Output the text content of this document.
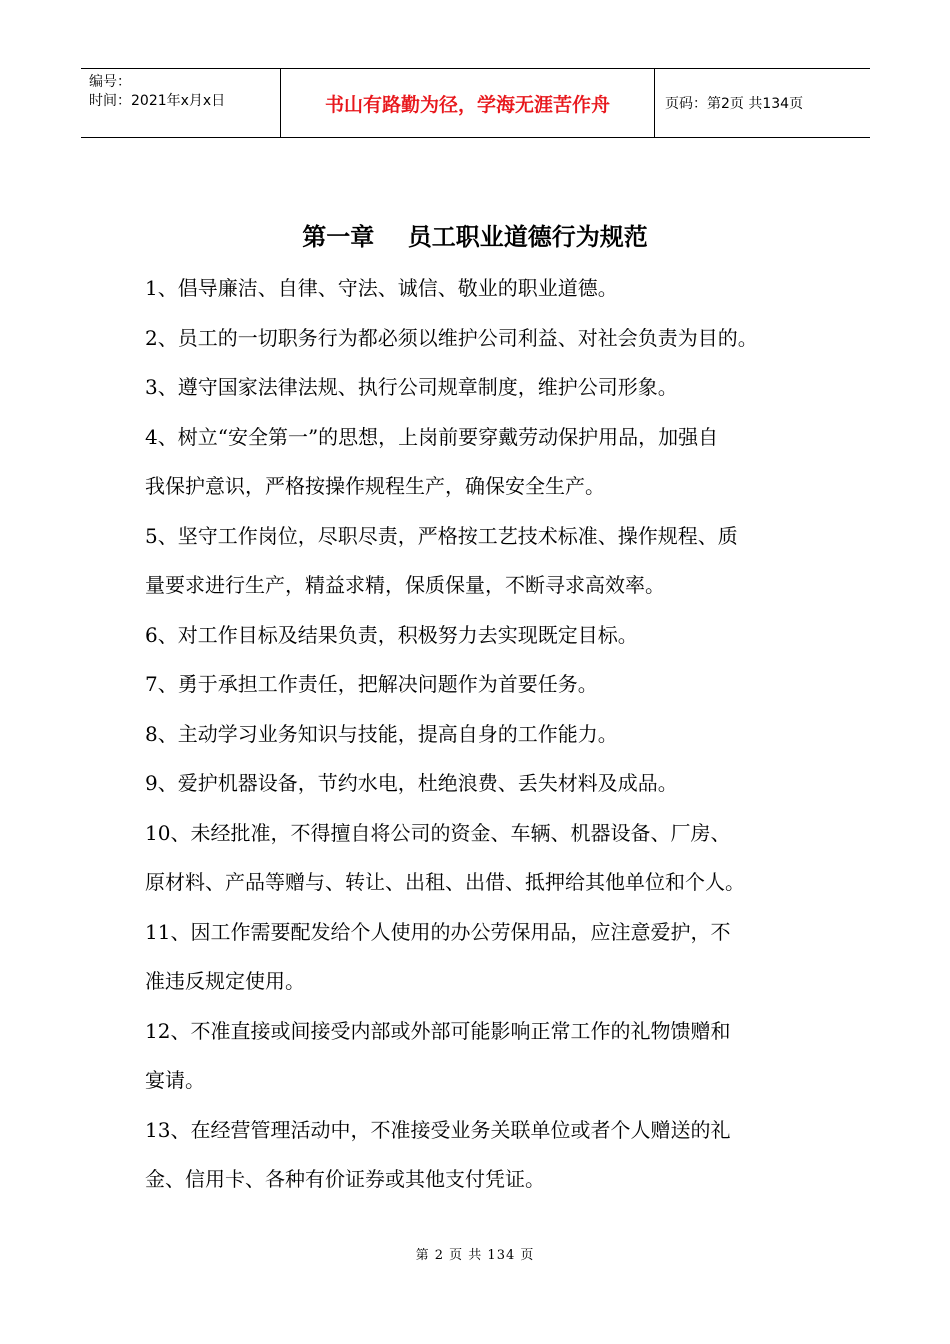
编号：
时间：2021年x月x日	书山有路勤为径，学海无涯苦作舟	页码：第2页 共134页
第一章    员工职业道德行为规范

1、倡导廉洁、自律、守法、诚信、敬业的职业道德。

2、员工的一切职务行为都必须以维护公司利益、对社会负责为目的。

3、遵守国家法律法规、执行公司规章制度，维护公司形象。

4、树立“安全第一”的思想，上岗前要穿戴劳动保护用品，加强自

我保护意识，严格按操作规程生产，确保安全生产。

5、坚守工作岗位，尽职尽责，严格按工艺技术标准、操作规程、质

量要求进行生产，精益求精，保质保量，不断寻求高效率。

6、对工作目标及结果负责，积极努力去实现既定目标。

7、勇于承担工作责任，把解决问题作为首要任务。

8、主动学习业务知识与技能，提高自身的工作能力。

9、爱护机器设备，节约水电，杜绝浪费、丢失材料及成品。

10、未经批准，不得擅自将公司的资金、车辆、机器设备、厂房、

原材料、产品等赠与、转让、出租、出借、抵押给其他单位和个人。

11、因工作需要配发给个人使用的办公劳保用品，应注意爱护，不

准违反规定使用。

12、不准直接或间接受内部或外部可能影响正常工作的礼物馈赠和

宴请。

13、在经营管理活动中，不准接受业务关联单位或者个人赠送的礼

金、信用卡、各种有价证券或其他支付凭证。

第 2 页 共 134 页
